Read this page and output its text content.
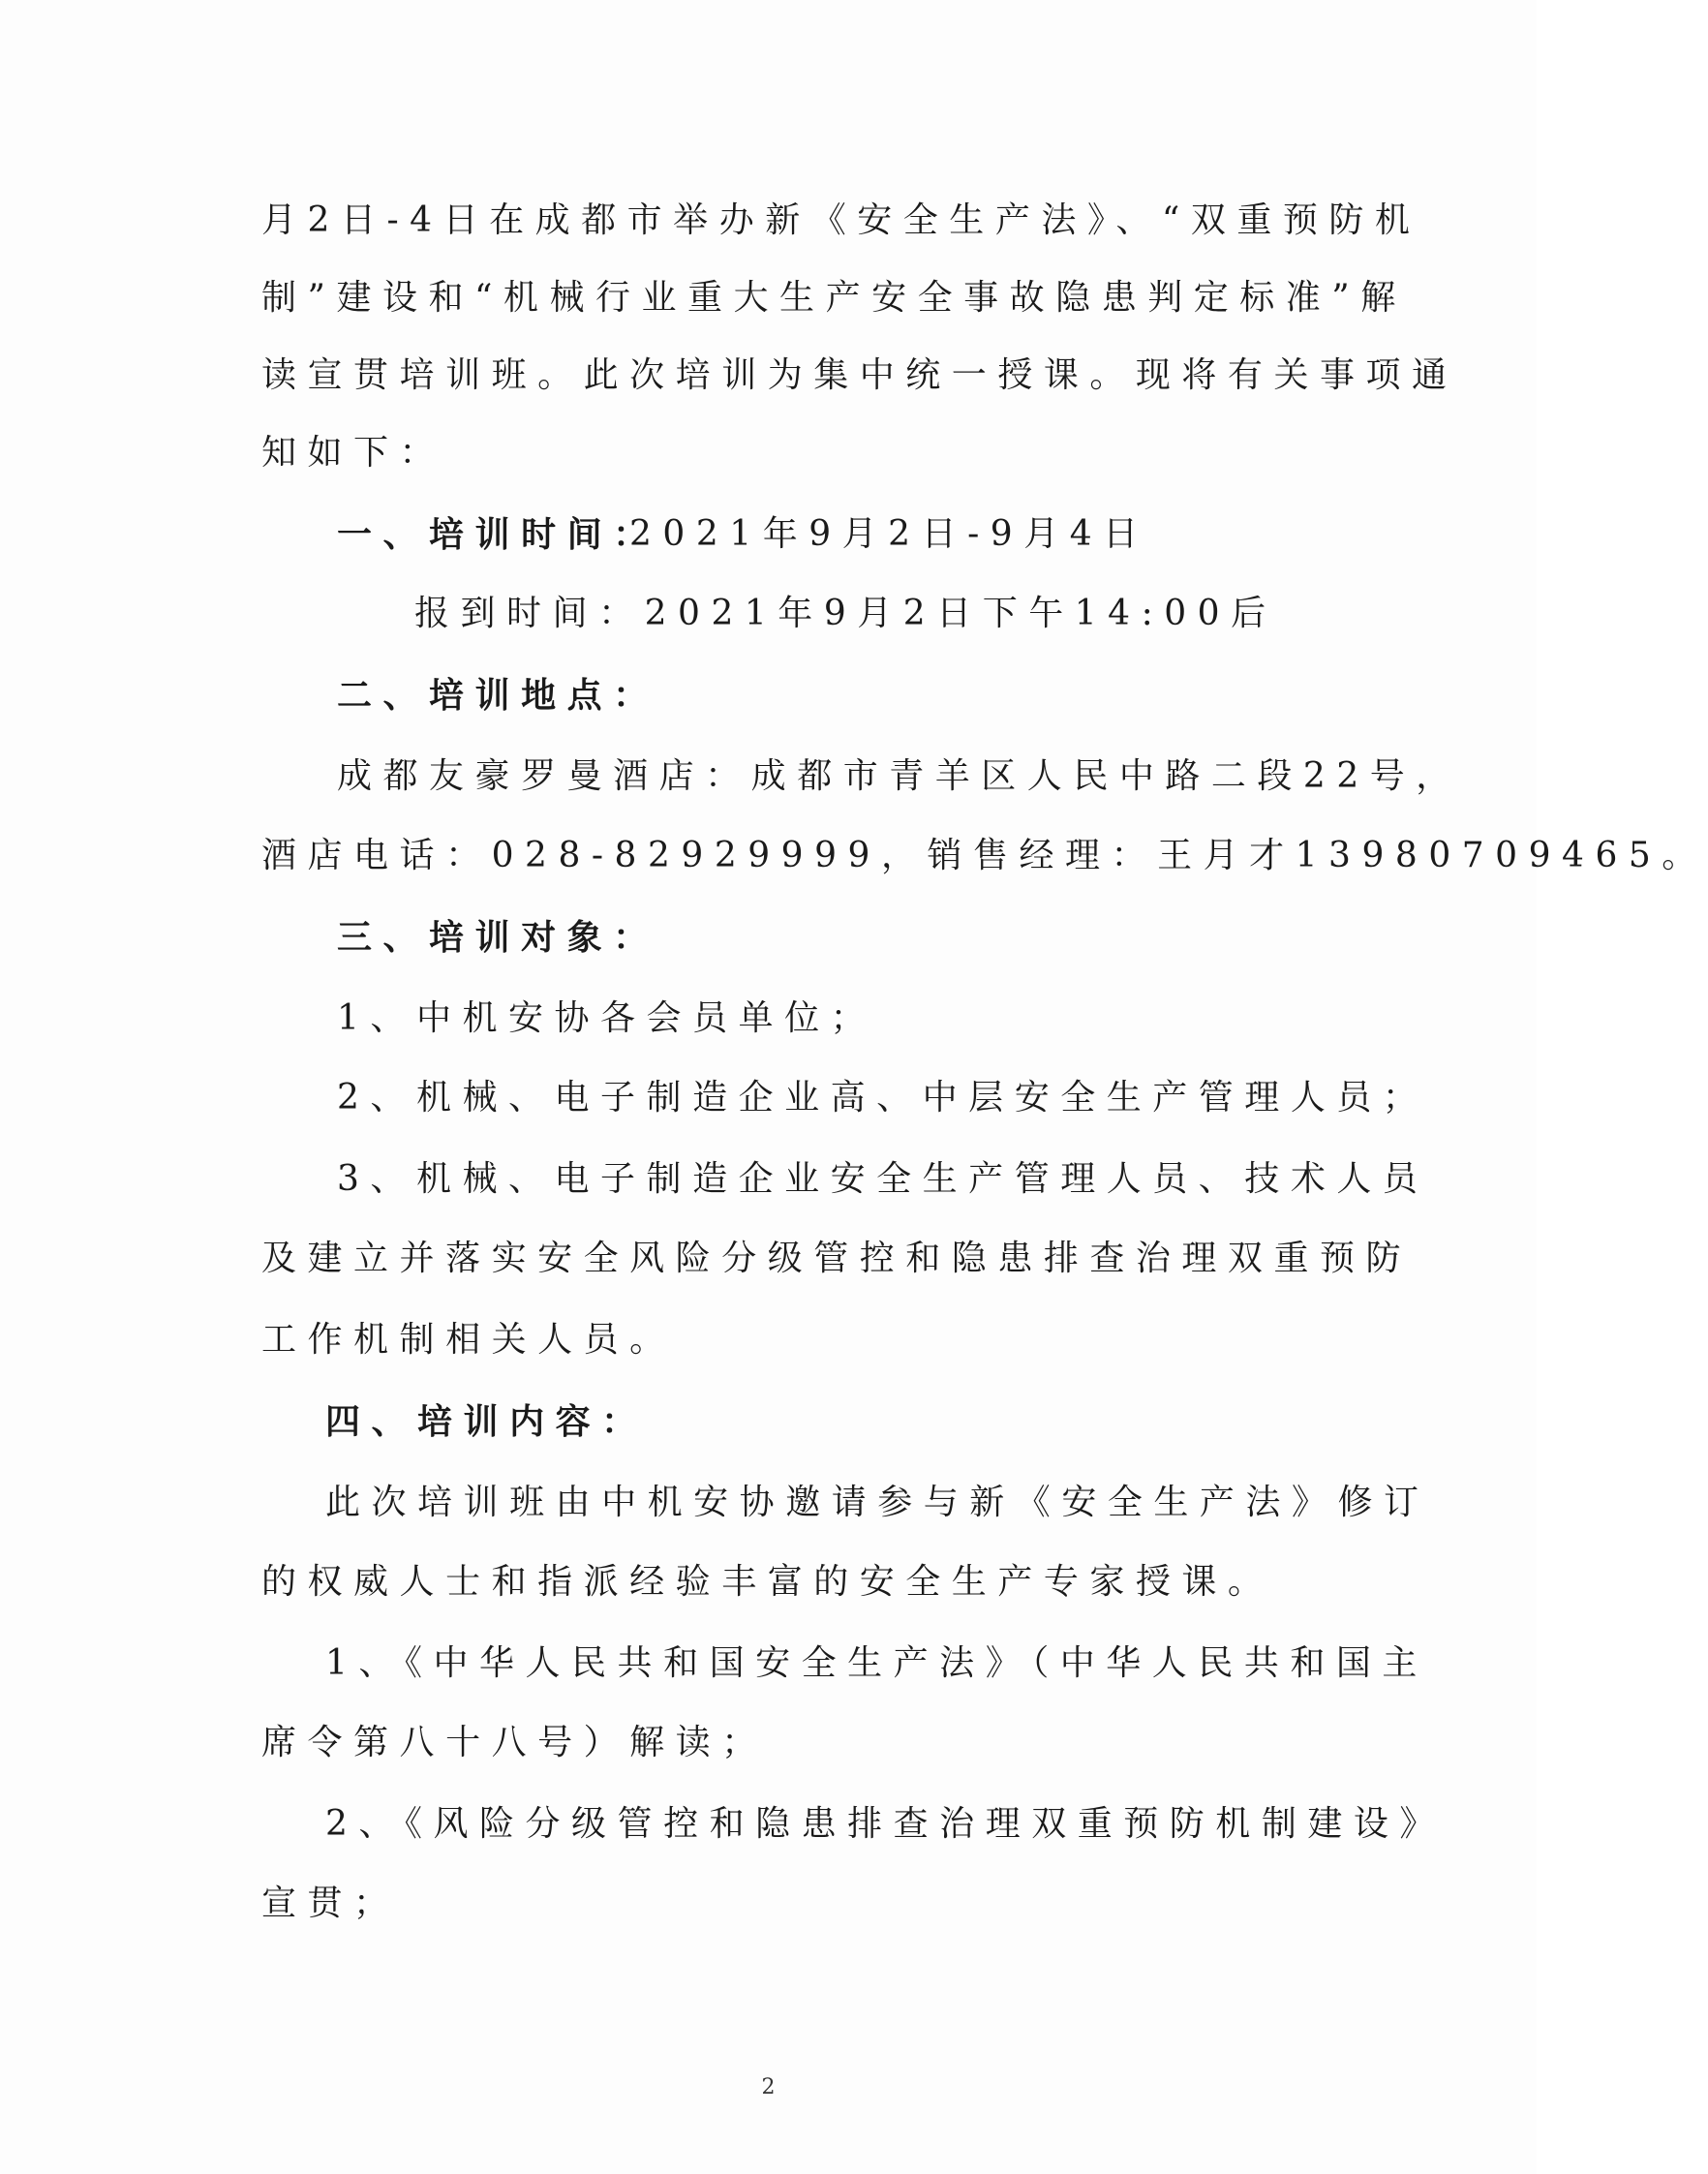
月2日-4日在成都市举办新《安全生产法》、“双重预防机
制”建设和“机械行业重大生产安全事故隐患判定标准”解
读宣贯培训班。此次培训为集中统一授课。现将有关事项通
知如下：
一、培训时间：
2021年9月2日-9月4日
报到时间：2021年9月2日下午14:00后
二、培训地点：
成都友豪罗曼酒店：成都市青羊区人民中路二段22号，
酒店电话：028-82929999，销售经理：王月才13980709465。
三、培训对象：
1、中机安协各会员单位；
2、机械、电子制造企业高、中层安全生产管理人员；
3、机械、电子制造企业安全生产管理人员、技术人员
及建立并落实安全风险分级管控和隐患排查治理双重预防
工作机制相关人员。
四、培训内容：
此次培训班由中机安协邀请参与新《安全生产法》修订
的权威人士和指派经验丰富的安全生产专家授课。
1、《中华人民共和国安全生产法》（中华人民共和国主
席令第八十八号）解读；
2、《风险分级管控和隐患排查治理双重预防机制建设》
宣贯；
2
